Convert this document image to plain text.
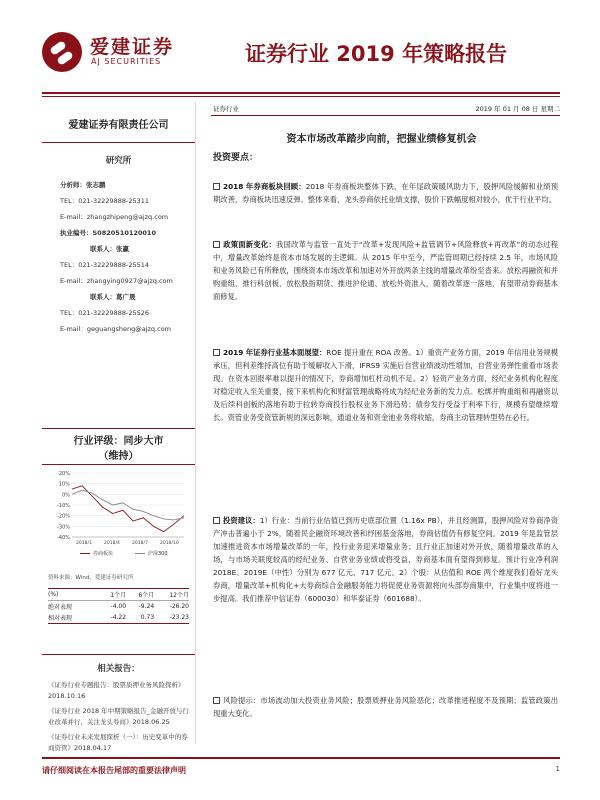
爱建证券
AJ SECURITIES	证券行业 2019 年策略报告
爱建证券有限责任公司
研究所
分析师：张志鹏
TEL：021-32229888-25311
E-mail：zhangzhipeng@ajzq.com
执业编号：S0820510120010
联系人：张赢
TEL：021-32229888-25514
E-mail：zhangying0927@ajzq.com
联系人：葛广晟
TEL：021-32229888-25526
E-mail：geguangsheng@ajzq.com
行业评级：同步大市
（维持）
20%
10%
0%
-10%
-20%
-30%
-40%
2018/1	2018/4	2018/7	2018/10
券商板块	沪深300
资料来源：Wind，爱建证券研究所
(%)	1个月	6个月	12个月
绝对表现	-4.00	-9.24	-26.20
相对表现	-4.22	0.73	-23.23
相关报告：
《证券行业专题报告：股票质押业务风险探析》2018.10.16
《证券行业 2018 年中期策略报告_金融开放与行业改革并行，关注龙头券商》2018.06.25
《证券行业未来发展探析（一）：历史变革中的券商资管》2018.04.17
证券行业	2019 年 01 月 08 日 星期二
资本市场改革踏步向前，把握业绩修复机会
投资要点：
2018 年券商板块回顾：2018 年券商板块整体下跌，在年尾政策暖风助力下，股押风险缓解和业绩预期改善，券商板块迅速反弹。整体来看，龙头券商依托业绩支撑，股价下跌幅度相对较小，优于行业平均。
政策面新变化：我国改革与监管一直处于“改革+发现风险+监管调节+风险释放+再改革”的动态过程中，增量改革始终是资本市场发展的主逻辑。从 2015 年中至今，严监管周期已经持续 2.5 年，市场风险和业务风险已有所释放，围绕资本市场改革和加速对外开放两条主线的增量改革纷至沓来。放松再融资和并购重组、推行科创板、放松股指期货、推进沪伦通、放松外资准入，随着改革逐一落地，有望带动券商基本面修复。
2019 年证券行业基本面展望：ROE 提升重在 ROA 改善。1）重资产业务方面，2019 年信用业务规模承压，但利差维持高位有助于缓解收入下滑，IFRS9 实施后自营业绩波动性增加，自营业务弹性重看市场表现。在资本回报率难以提升的情况下，券商增加杠杆动机不足。2）轻资产业务方面，经纪业务机构化程度对稳定收入至关重要，接下来机构化和财富管理战略将成为经纪业务新的发力点。松绑并购重组和再融资以及后续科创板的落地有助于拉转券商投行股权业务下滑趋势；债券发行受益于利率下行，规模有望继续增长。资管业务受资管新规的深远影响，通道业务和资金池业务将收缩，券商主动管理转型势在必行。
投资建议：1）行业：当前行业估值已到历史底部位置（1.16x PB），并且经测算，股押风险对券商净资产冲击普遍小于 2%，随着民企融资环境改善和纾困基金落地，券商估值仍有修复空间。2019 年是监管层加速推进资本市场增量改革的一年，投行业务迎来增量业务；且行业正加速对外开放，随着增量改革的入场，与市场关联度较高的经纪业务、自营业务业绩或将受益，券商基本面有望得到修复。预计行业净利润 2018E、2019E（中性）分别为 677 亿元、717 亿元。2）个股：从估值和 ROE 两个维度我们看好龙头券商，增量改革+机构化+大券商综合金融服务能力将促使业务资源将向头部券商集中，行业集中度将进一步提高。我们推荐中信证券（600030）和华泰证券（601688）。
风险提示：市场波动加大投资业务风险；股票质押业务风险恶化；改革推进程度不及预期；监管政策出现重大变化。
请仔细阅读在本报告尾部的重要法律声明	1
